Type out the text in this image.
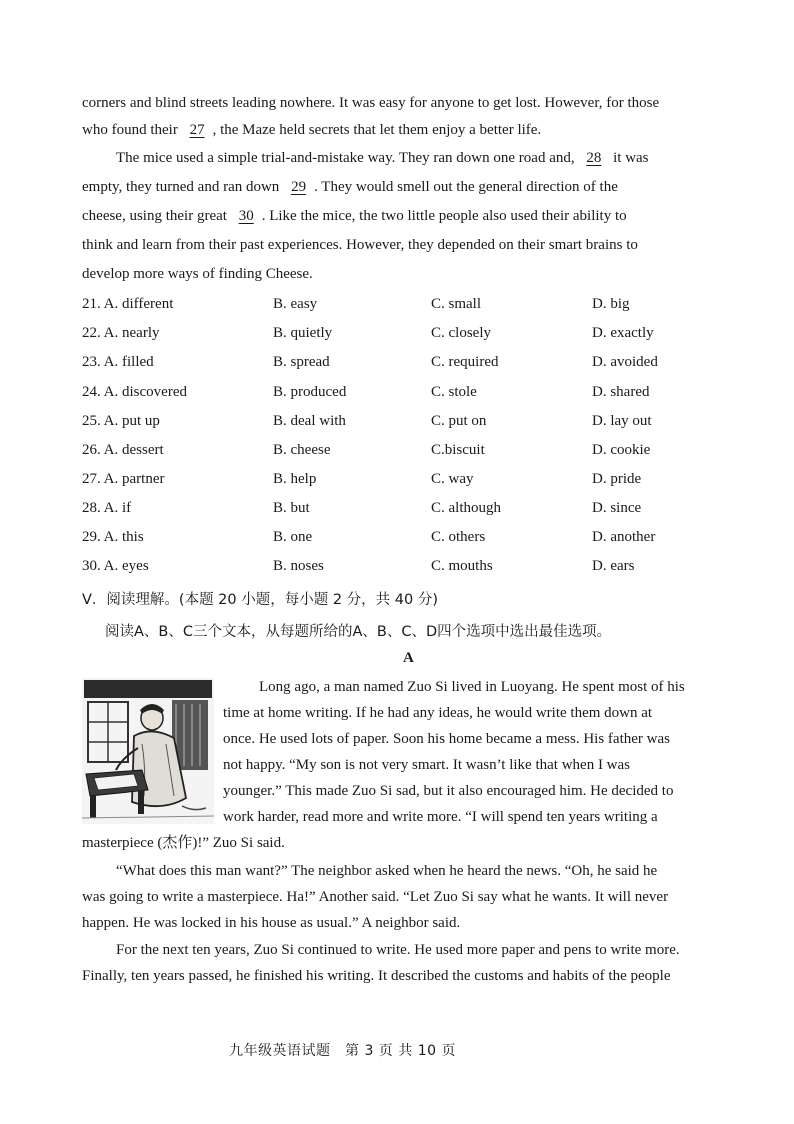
corners and blind streets leading nowhere. It was easy for anyone to get lost. However, for those
who found their 27 , the Maze held secrets that let them enjoy a better life.
The mice used a simple trial-and-mistake way. They ran down one road and, 28 it was
empty, they turned and ran down 29 . They would smell out the general direction of the
cheese, using their great 30 . Like the mice, the two little people also used their ability to
think and learn from their past experiences. However, they depended on their smart brains to
develop more ways of finding Cheese.
21. A. different	B. easy	C. small	D. big
22. A. nearly	B. quietly	C. closely	D. exactly
23. A. filled	B. spread	C. required	D. avoided
24. A. discovered	B. produced	C. stole	D. shared
25. A. put up	B. deal with	C. put on	D. lay out
26. A. dessert	B. cheese	C.biscuit	D. cookie
27. A. partner	B. help	C. way	D. pride
28. A. if	B. but	C. although	D. since
29. A. this	B. one	C. others	D. another
30. A. eyes	B. noses	C. mouths	D. ears
V．阅读理解。(本题 20 小题，每小题 2 分，共 40 分)
阅读A、B、C三个文本，从每题所给的A、B、C、D四个选项中选出最佳选项。
A
Long ago, a man named Zuo Si lived in Luoyang. He spent most of his
time at home writing. If he had any ideas, he would write them down at
once. He used lots of paper. Soon his home became a mess. His father was
not happy. “My son is not very smart. It wasn’t like that when I was
younger.” This made Zuo Si sad, but it also encouraged him. He decided to
work harder, read more and write more. “I will spend ten years writing a
masterpiece (杰作)!” Zuo Si said.
“What does this man want?” The neighbor asked when he heard the news. “Oh, he said he
was going to write a masterpiece. Ha!” Another said. “Let Zuo Si say what he wants. It will never
happen. He was locked in his house as usual.” A neighbor said.
For the next ten years, Zuo Si continued to write. He used more paper and pens to write more.
Finally, ten years passed, he finished his writing. It described the customs and habits of the people
九年级英语试题　第 3 页 共 10 页
